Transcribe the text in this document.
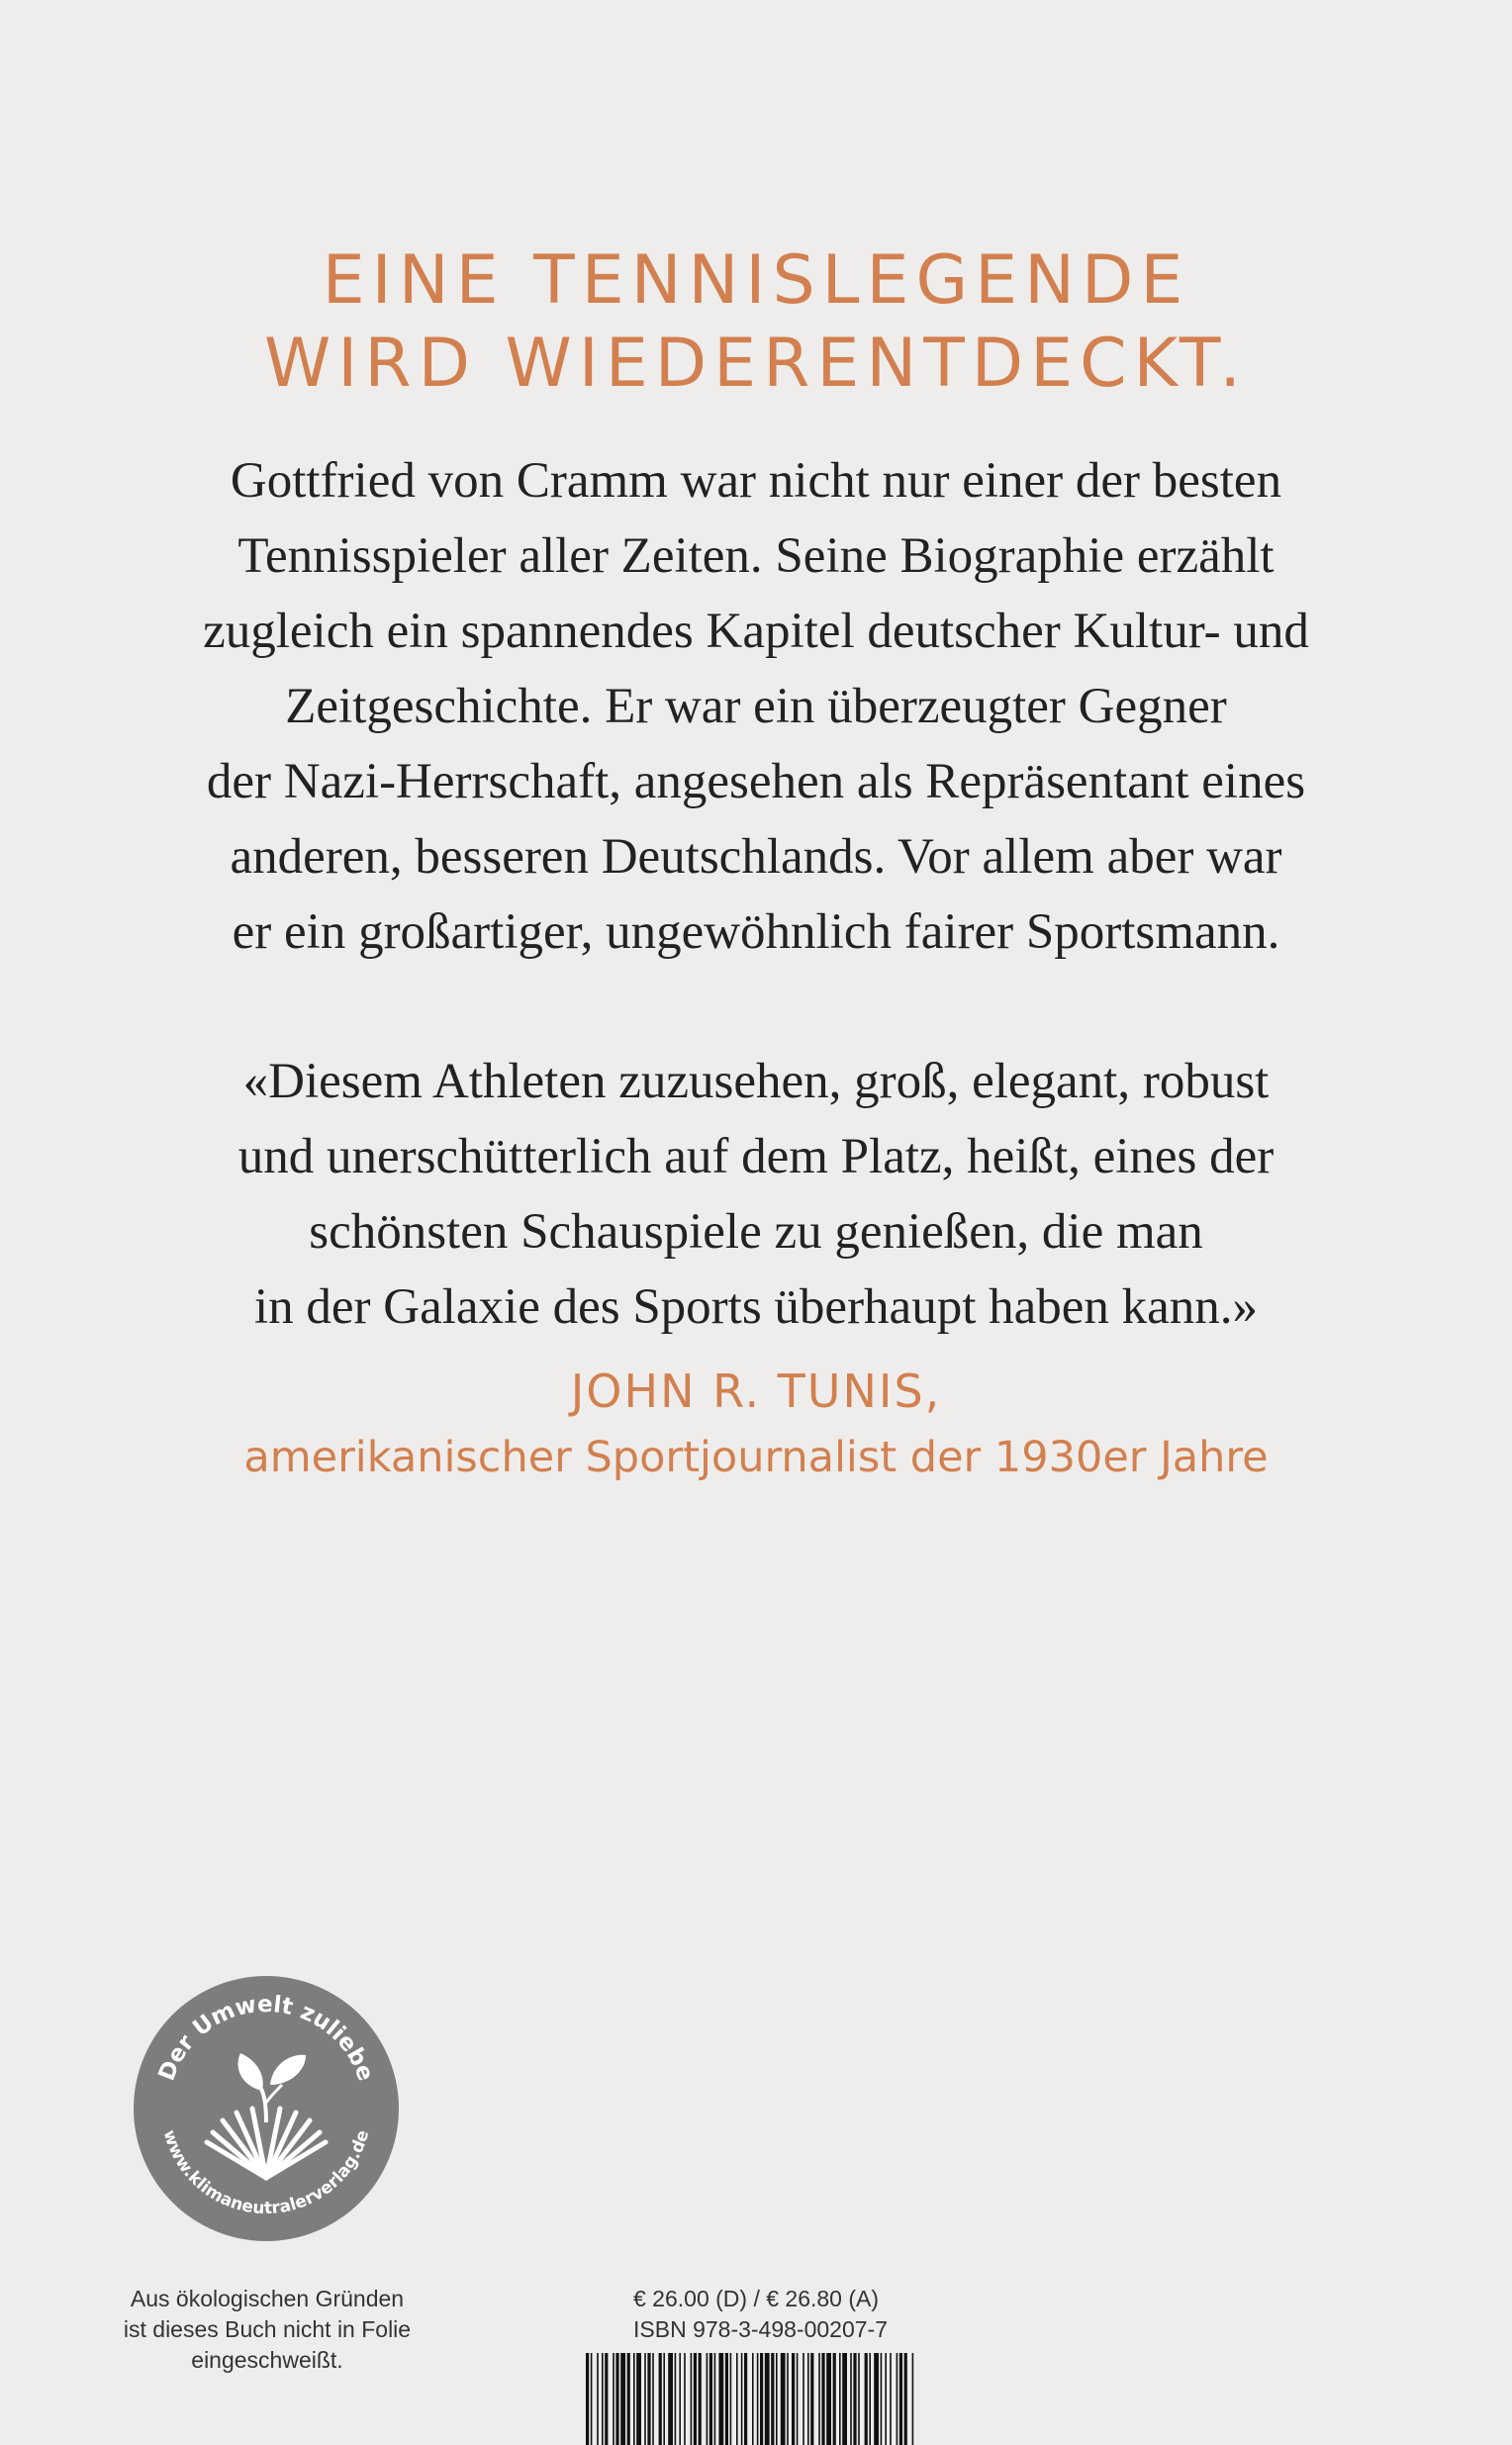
EINE TENNISLEGENDE
WIRD WIEDERENTDECKT.
Gottfried von Cramm war nicht nur einer der besten
Tennisspieler aller Zeiten. Seine Biographie erzählt
zugleich ein spannendes Kapitel deutscher Kultur- und
Zeitgeschichte. Er war ein überzeugter Gegner
der Nazi-Herrschaft, angesehen als Repräsentant eines
anderen, besseren Deutschlands. Vor allem aber war
er ein großartiger, ungewöhnlich fairer Sportsmann.
«Diesem Athleten zuzusehen, groß, elegant, robust
und unerschütterlich auf dem Platz, heißt, eines der
schönsten Schauspiele zu genießen, die man
in der Galaxie des Sports überhaupt haben kann.»
JOHN R. TUNIS,
amerikanischer Sportjournalist der 1930er Jahre
Der Umwelt zuliebe
www.klimaneutralerverlag.de
Aus ökologischen Gründen
ist dieses Buch nicht in Folie
eingeschweißt.
€ 26.00 (D) / € 26.80 (A)
ISBN 978-3-498-00207-7
